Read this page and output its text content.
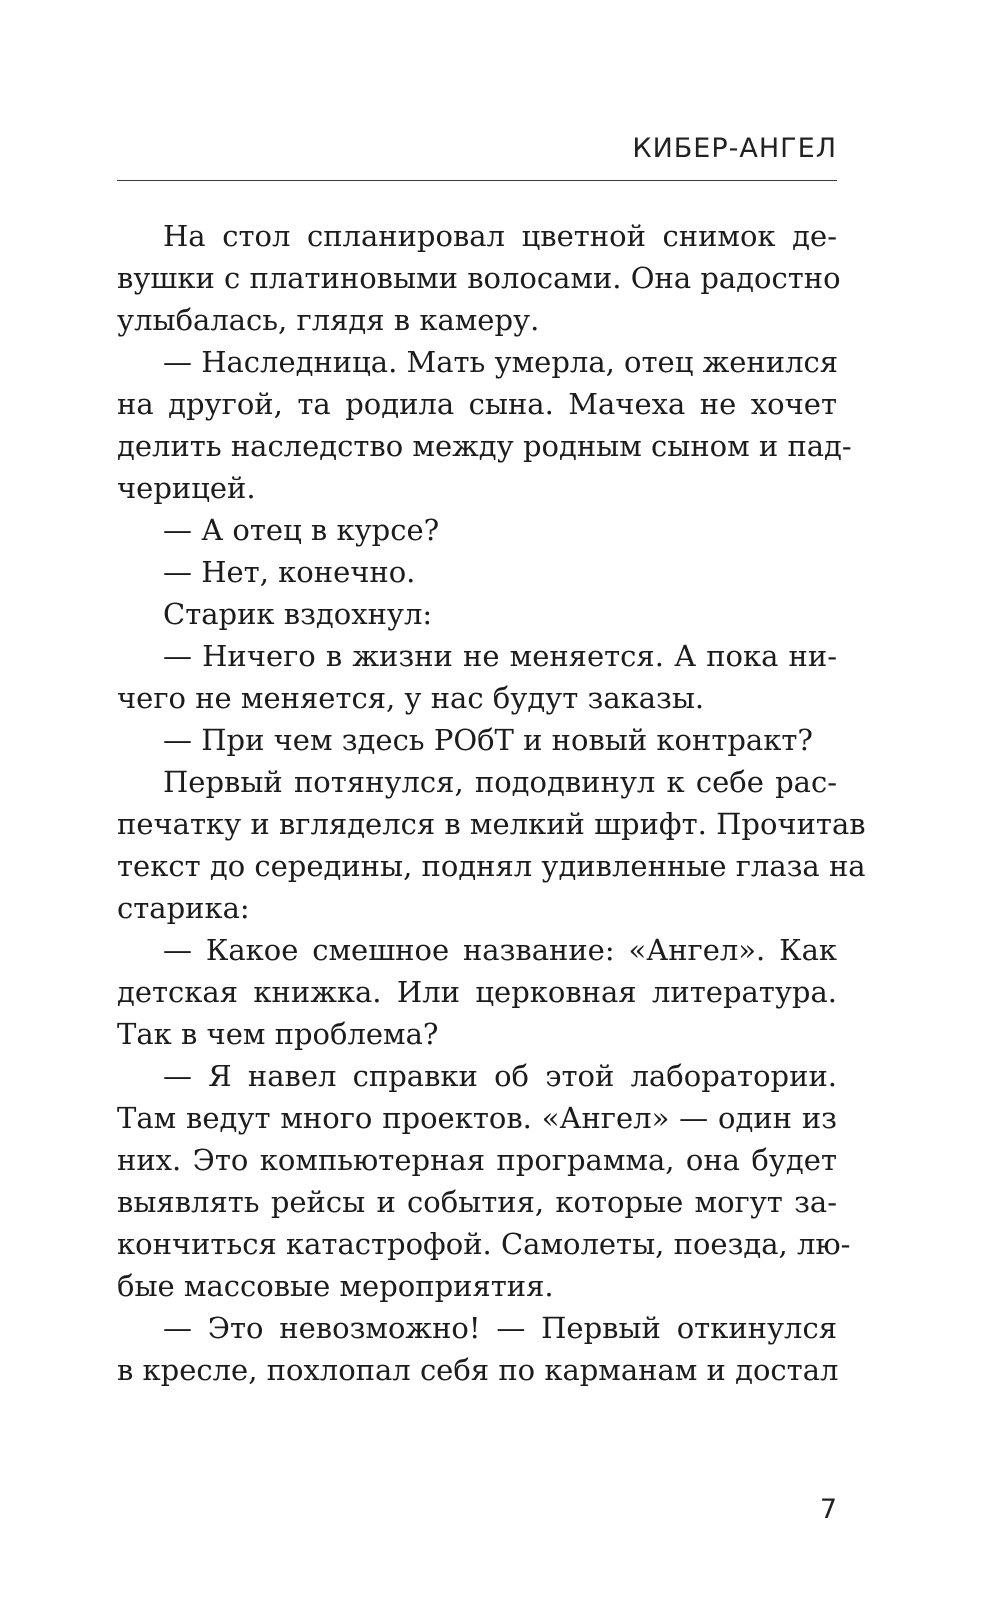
КИБЕР-АНГЕЛ
На стол спланировал цветной снимок де-
вушки с платиновыми волосами. Она радостно
улыбалась, глядя в камеру.
— Наследница. Мать умерла, отец женился
на другой, та родила сына. Мачеха не хочет
делить наследство между родным сыном и пад-
черицей.
— А отец в курсе?
— Нет, конечно.
Старик вздохнул:
— Ничего в жизни не меняется. А пока ни-
чего не меняется, у нас будут заказы.
— При чем здесь РОбТ и новый контракт?
Первый потянулся, пододвинул к себе рас-
печатку и вгляделся в мелкий шрифт. Прочитав
текст до середины, поднял удивленные глаза на
старика:
— Какое смешное название: «Ангел». Как
детская книжка. Или церковная литература.
Так в чем проблема?
— Я навел справки об этой лаборатории.
Там ведут много проектов. «Ангел» — один из
них. Это компьютерная программа, она будет
выявлять рейсы и события, которые могут за-
кончиться катастрофой. Самолеты, поезда, лю-
бые массовые мероприятия.
— Это невозможно! — Первый откинулся
в кресле, похлопал себя по карманам и достал
7
